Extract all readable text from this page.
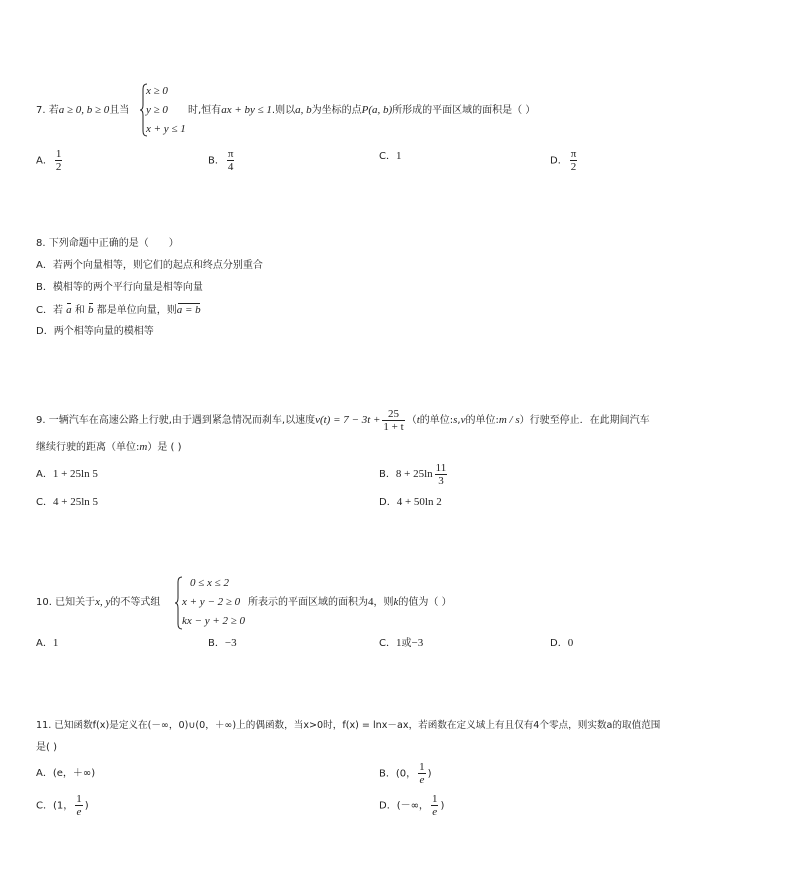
7. 若a ≥ 0, b ≥ 0且当
x ≥ 0
y ≥ 0
x + y ≤ 1
时,恒有ax + by ≤ 1.则以a, b为坐标的点P(a, b)所形成的平面区域的面积是（ ）
A． $\frac{1}{2}$	B． $\frac{\pi}{4}$	C．1	D． $\frac{\pi}{2}$
8. 下列命题中正确的是（　　）
A．若两个向量相等，则它们的起点和终点分别重合
B．模相等的两个平行向量是相等向量
C．若 a 和 b 都是单位向量，则a = b
D．两个相等向量的模相等
9. 一辆汽车在高速公路上行驶,由于遇到紧急情况而刹车,以速度$v(t) = 7 - 3t + \frac{25}{1 + t} (t$的单位:s,v的单位:m / s）行驶至停止．在此期间汽车
继续行驶的距离（单位:m）是 ( )
A．1 + 25ln 5	B．$8 + 25\ln \frac{11}{3}$
C．4 + 25ln 5	D．4 + 50ln 2
10. 已知关于x, y的不等式组
0 ≤ x ≤ 2
x + y − 2 ≥ 0
kx − y + 2 ≥ 0
所表示的平面区域的面积为4，则k的值为（ ）
A．1	B．−3	C．1或−3	D．0
11. 已知函数f(x)是定义在(－∞，0)∪(0，＋∞)上的偶函数，当x>0时，f(x) = lnx－ax，若函数在定义域上有且仅有4个零点，则实数a的取值范围
是( )
A．(e，＋∞)	B．(0， $\frac{1}{e}$ )
C．(1， $\frac{1}{e}$ )	D．(－∞， $\frac{1}{e}$ )
